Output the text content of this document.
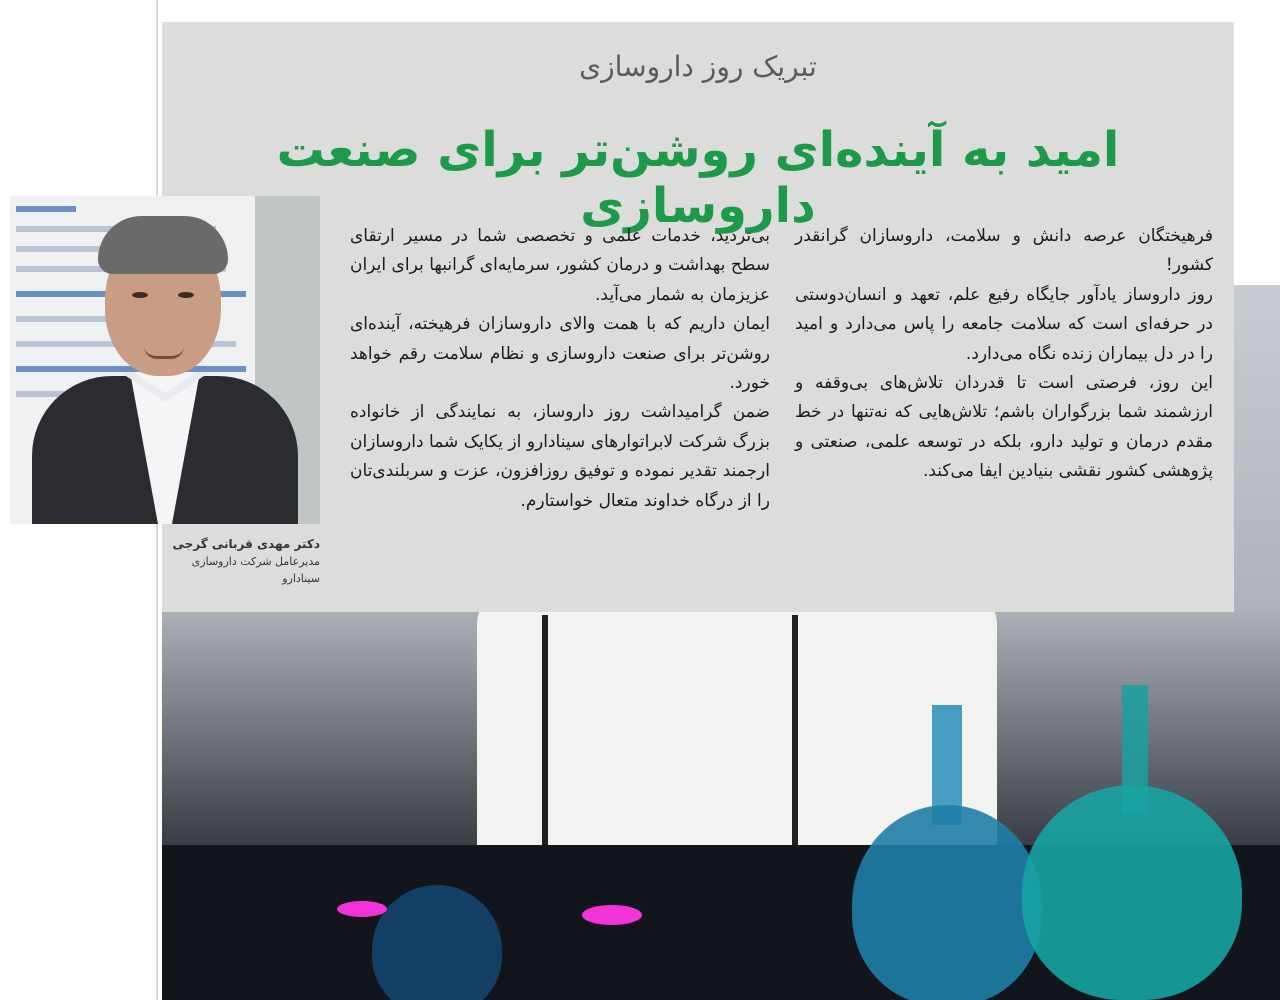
تبریک روز داروسازی
امید به آینده‌ای روشن‌تر برای صنعت داروسازی

فرهیختگان عرصه دانش و سلامت، داروسازان گرانقدر کشور!

روز داروساز یادآور جایگاه رفیع علم، تعهد و انسان‌دوستی در حرفه‌ای است که سلامت جامعه را پاس می‌دارد و امید را در دل بیماران زنده نگاه می‌دارد.

این روز، فرصتی است تا قدردان تلاش‌های بی‌وقفه و ارزشمند شما بزرگواران باشم؛ تلاش‌هایی که نه‌تنها در خط مقدم درمان و تولید دارو، بلکه در توسعه علمی، صنعتی و پژوهشی کشور نقشی بنیادین ایفا می‌کند.

بی‌تردید، خدمات علمی و تخصصی شما در مسیر ارتقای سطح بهداشت و درمان کشور، سرمایه‌ای گرانبها برای ایران عزیزمان به شمار می‌آید.

ایمان داریم که با همت والای داروسازان فرهیخته، آینده‌ای روشن‌تر برای صنعت داروسازی و نظام سلامت رقم خواهد خورد.

ضمن گرامیداشت روز داروساز، به نمایندگی از خانواده بزرگ شرکت لابراتوارهای سینادارو از یکایک شما داروسازان ارجمند تقدیر نموده و توفیق روزافزون، عزت و سربلندی‌تان را از درگاه خداوند متعال خواستارم.

دکتر مهدی قربانی گرجی
مدیرعامل شرکت داروسازی سینادارو
